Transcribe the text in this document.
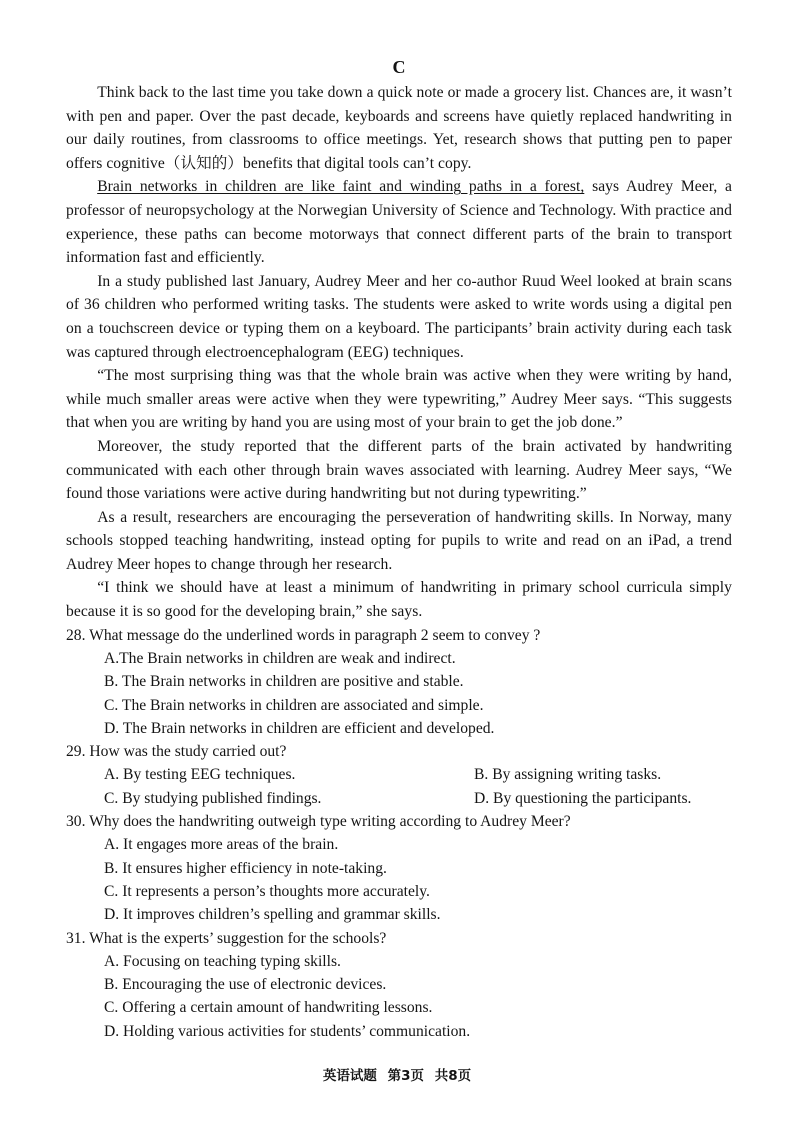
C

Think back to the last time you take down a quick note or made a grocery list. Chances are, it wasn’t with pen and paper. Over the past decade, keyboards and screens have quietly replaced handwriting in our daily routines, from classrooms to office meetings. Yet, research shows that putting pen to paper offers cognitive（认知的）benefits that digital tools can’t copy.

Brain networks in children are like faint and winding paths in a forest, says Audrey Meer, a professor of neuropsychology at the Norwegian University of Science and Technology. With practice and experience, these paths can become motorways that connect different parts of the brain to transport information fast and efficiently.

In a study published last January, Audrey Meer and her co-author Ruud Weel looked at brain scans of 36 children who performed writing tasks. The students were asked to write words using a digital pen on a touchscreen device or typing them on a keyboard. The participants’ brain activity during each task was captured through electroencephalogram (EEG) techniques.

“The most surprising thing was that the whole brain was active when they were writing by hand, while much smaller areas were active when they were typewriting,” Audrey Meer says. “This suggests that when you are writing by hand you are using most of your brain to get the job done.”

Moreover, the study reported that the different parts of the brain activated by handwriting communicated with each other through brain waves associated with learning. Audrey Meer says, “We found those variations were active during handwriting but not during typewriting.”

As a result, researchers are encouraging the perseveration of handwriting skills. In Norway, many schools stopped teaching handwriting, instead opting for pupils to write and read on an iPad, a trend Audrey Meer hopes to change through her research.

“I think we should have at least a minimum of handwriting in primary school curricula simply because it is so good for the developing brain,” she says.

28. What message do the underlined words in paragraph 2 seem to convey ?

A.The Brain networks in children are weak and indirect.

B. The Brain networks in children are positive and stable.

C. The Brain networks in children are associated and simple.

D. The Brain networks in children are efficient and developed.

29. How was the study carried out?

A. By testing EEG techniques.	B. By assigning writing tasks.
C. By studying published findings.	D. By questioning the participants.

30. Why does the handwriting outweigh type writing according to Audrey Meer?

A. It engages more areas of the brain.

B. It ensures higher efficiency in note-taking.

C. It represents a person’s thoughts more accurately.

D. It improves children’s spelling and grammar skills.

31. What is the experts’ suggestion for the schools?

A. Focusing on teaching typing skills.

B. Encouraging the use of electronic devices.

C. Offering a certain amount of handwriting lessons.

D. Holding various activities for students’ communication.

英语试题 第3页 共8页
